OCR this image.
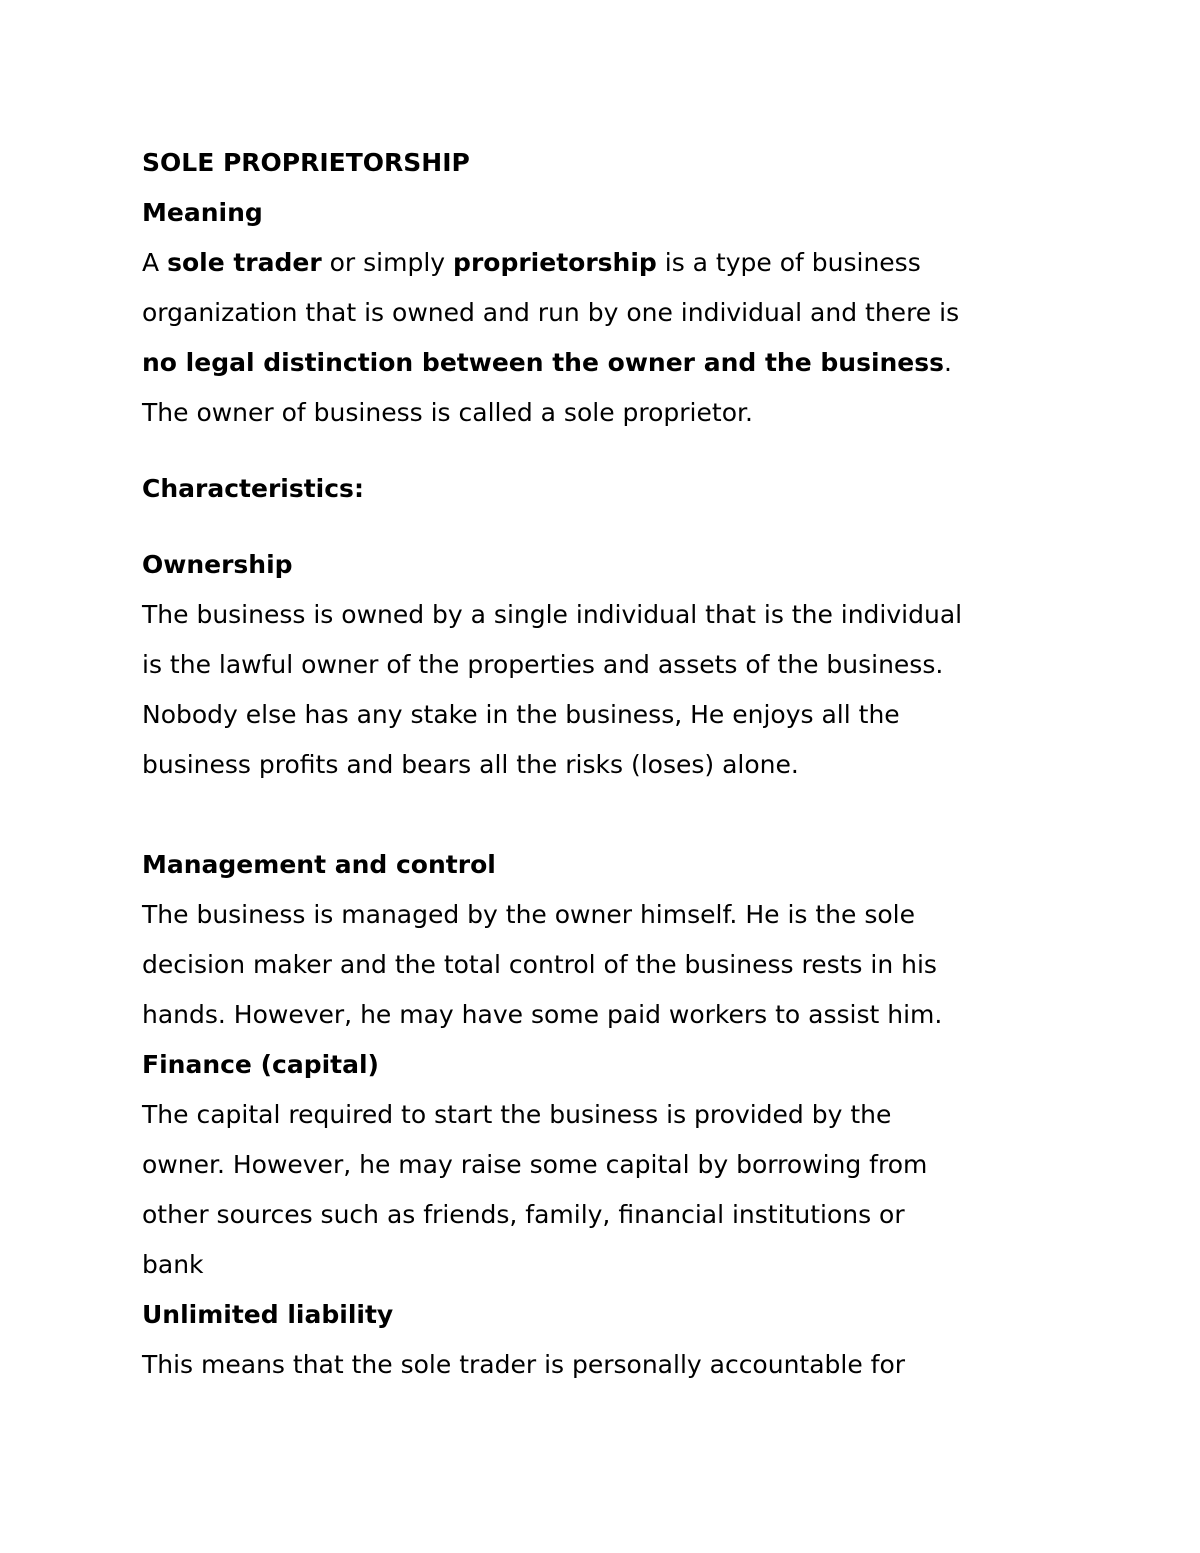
SOLE PROPRIETORSHIP
Meaning
A sole trader or simply proprietorship is a type of business
organization that is owned and run by one individual and there is
no legal distinction between the owner and the business.
The owner of business is called a sole proprietor.
Characteristics:
Ownership
The business is owned by a single individual that is the individual
is the lawful owner of the properties and assets of the business.
Nobody else has any stake in the business, He enjoys all the
business profits and bears all the risks (loses) alone.
Management and control
The business is managed by the owner himself. He is the sole
decision maker and the total control of the business rests in his
hands. However, he may have some paid workers to assist him.
Finance (capital)
The capital required to start the business is provided by the
owner. However, he may raise some capital by borrowing from
other sources such as friends, family, financial institutions or
bank
Unlimited liability
This means that the sole trader is personally accountable for
